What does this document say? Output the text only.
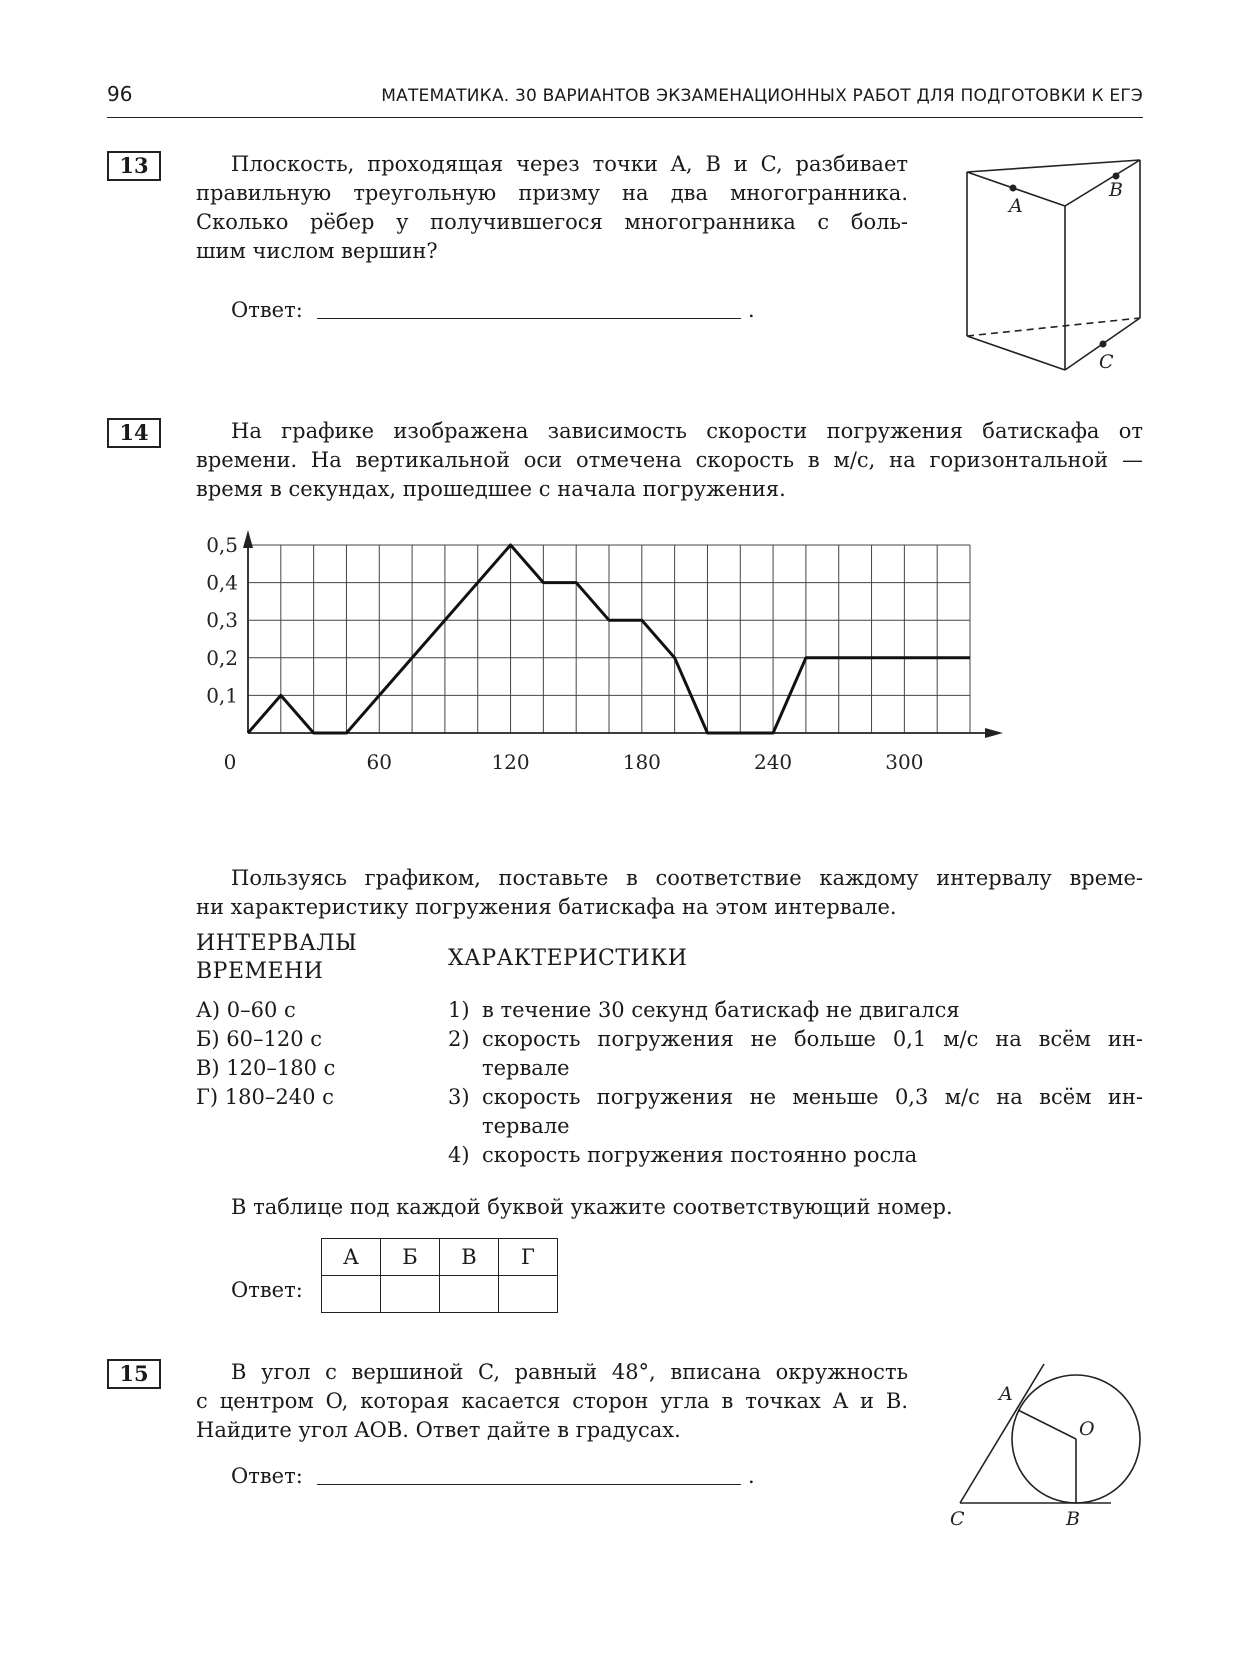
96	МАТЕМАТИКА. 30 ВАРИАНТОВ ЭКЗАМЕНАЦИОННЫХ РАБОТ ДЛЯ ПОДГОТОВКИ К ЕГЭ
13	Плоскость, проходящая через точки A, B и C, разбивает
правильную треугольную призму на два многогранника.
Сколько рёбер у получившегося многогранника с боль-
шим числом вершин?
Ответ:	.
A
B
C
14	На графике изображена зависимость скорости погружения батискафа от
времени. На вертикальной оси отмечена скорость в м/с, на горизонтальной —
время в секундах, прошедшее с начала погружения.
0,1
0,2
0,3
0,4
0,5
0	60	120	180	240	300
Пользуясь графиком, поставьте в соответствие каждому интервалу време-
ни характеристику погружения батискафа на этом интервале.
ИНТЕРВАЛЫ
ВРЕМЕНИ
ХАРАКТЕРИСТИКИ
А) 0–60 с
Б) 60–120 с
В) 120–180 с
Г) 180–240 с
1) в течение 30 секунд батискаф не двигался
2) скорость погружения не больше 0,1 м/с на всём ин-
тервале
3) скорость погружения не меньше 0,3 м/с на всём ин-
тервале
4) скорость погружения постоянно росла
В таблице под каждой буквой укажите соответствующий номер.
Ответ:
А	Б	В	Г

15	В угол с вершиной C, равный 48°, вписана окружность
с центром O, которая касается сторон угла в точках A и B.
Найдите угол AOB. Ответ дайте в градусах.
Ответ:	.
A
O
C	B
